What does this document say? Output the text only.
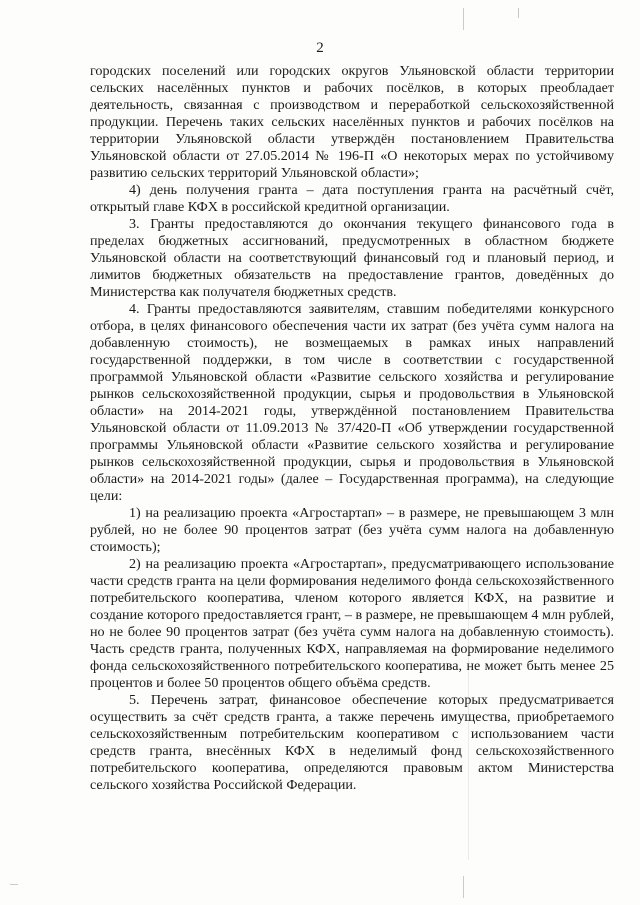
2

городских поселений или городских округов Ульяновской области территории сельских населённых пунктов и рабочих посёлков, в которых преобладает деятельность, связанная с производством и переработкой сельскохозяйственной продукции. Перечень таких сельских населённых пунктов и рабочих посёлков на территории Ульяновской области утверждён постановлением Правительства Ульяновской области от 27.05.2014 № 196-П «О некоторых мерах по устойчивому развитию сельских территорий Ульяновской области»;

4) день получения гранта – дата поступления гранта на расчётный счёт, открытый главе КФХ в российской кредитной организации.

3. Гранты предоставляются до окончания текущего финансового года в пределах бюджетных ассигнований, предусмотренных в областном бюджете Ульяновской области на соответствующий финансовый год и плановый период, и лимитов бюджетных обязательств на предоставление грантов, доведённых до Министерства как получателя бюджетных средств.

4. Гранты предоставляются заявителям, ставшим победителями конкурсного отбора, в целях финансового обеспечения части их затрат (без учёта сумм налога на добавленную стоимость), не возмещаемых в рамках иных направлений государственной поддержки, в том числе в соответствии с государственной программой Ульяновской области «Развитие сельского хозяйства и регулирование рынков сельскохозяйственной продукции, сырья и продовольствия в Ульяновской области» на 2014-2021 годы, утверждённой постановлением Правительства Ульяновской области от 11.09.2013 № 37/420-П «Об утверждении государственной программы Ульяновской области «Развитие сельского хозяйства и регулирование рынков сельскохозяйственной продукции, сырья и продовольствия в Ульяновской области» на 2014-2021 годы» (далее – Государственная программа), на следующие цели:

1) на реализацию проекта «Агростартап» – в размере, не превышающем 3 млн рублей, но не более 90 процентов затрат (без учёта сумм налога на добавленную стоимость);

2) на реализацию проекта «Агростартап», предусматривающего использование части средств гранта на цели формирования неделимого фонда сельскохозяйственного потребительского кооператива, членом которого является КФХ, на развитие и создание которого предоставляется грант, – в размере, не превышающем 4 млн рублей, но не более 90 процентов затрат (без учёта сумм налога на добавленную стоимость). Часть средств гранта, полученных КФХ, направляемая на формирование неделимого фонда сельскохозяйственного потребительского кооператива, не может быть менее 25 процентов и более 50 процентов общего объёма средств.

5. Перечень затрат, финансовое обеспечение которых предусматривается осуществить за счёт средств гранта, а также перечень имущества, приобретаемого сельскохозяйственным потребительским кооперативом с использованием части средств гранта, внесённых КФХ в неделимый фонд сельскохозяйственного потребительского кооператива, определяются правовым актом Министерства сельского хозяйства Российской Федерации.
